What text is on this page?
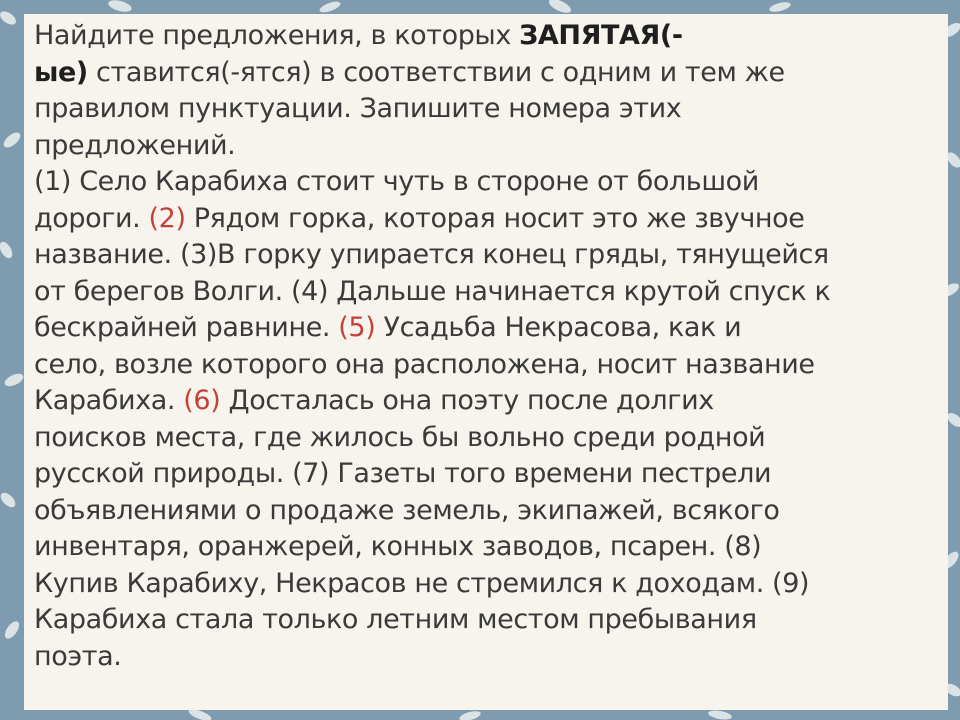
Найдите предложения, в которых ЗАПЯТАЯ(-
ые) ставится(-ятся) в соответствии с одним и тем же
правилом пунктуации. Запишите номера этих
предложений.
(1) Село Карабиха стоит чуть в стороне от большой
дороги. (2) Рядом горка, которая носит это же звучное
название. (3)В горку упирается конец гряды, тянущейся
от берегов Волги. (4) Дальше начинается крутой спуск к
бескрайней равнине. (5) Усадьба Некрасова, как и
село, возле которого она расположена, носит название
Карабиха. (6) Досталась она поэту после долгих
поисков места, где жилось бы вольно среди родной
русской природы. (7) Газеты того времени пестрели
объявлениями о продаже земель, экипажей, всякого
инвентаря, оранжерей, конных заводов, псарен. (8)
Купив Карабиху, Некрасов не стремился к доходам. (9)
Карабиха стала только летним местом пребывания
поэта.
